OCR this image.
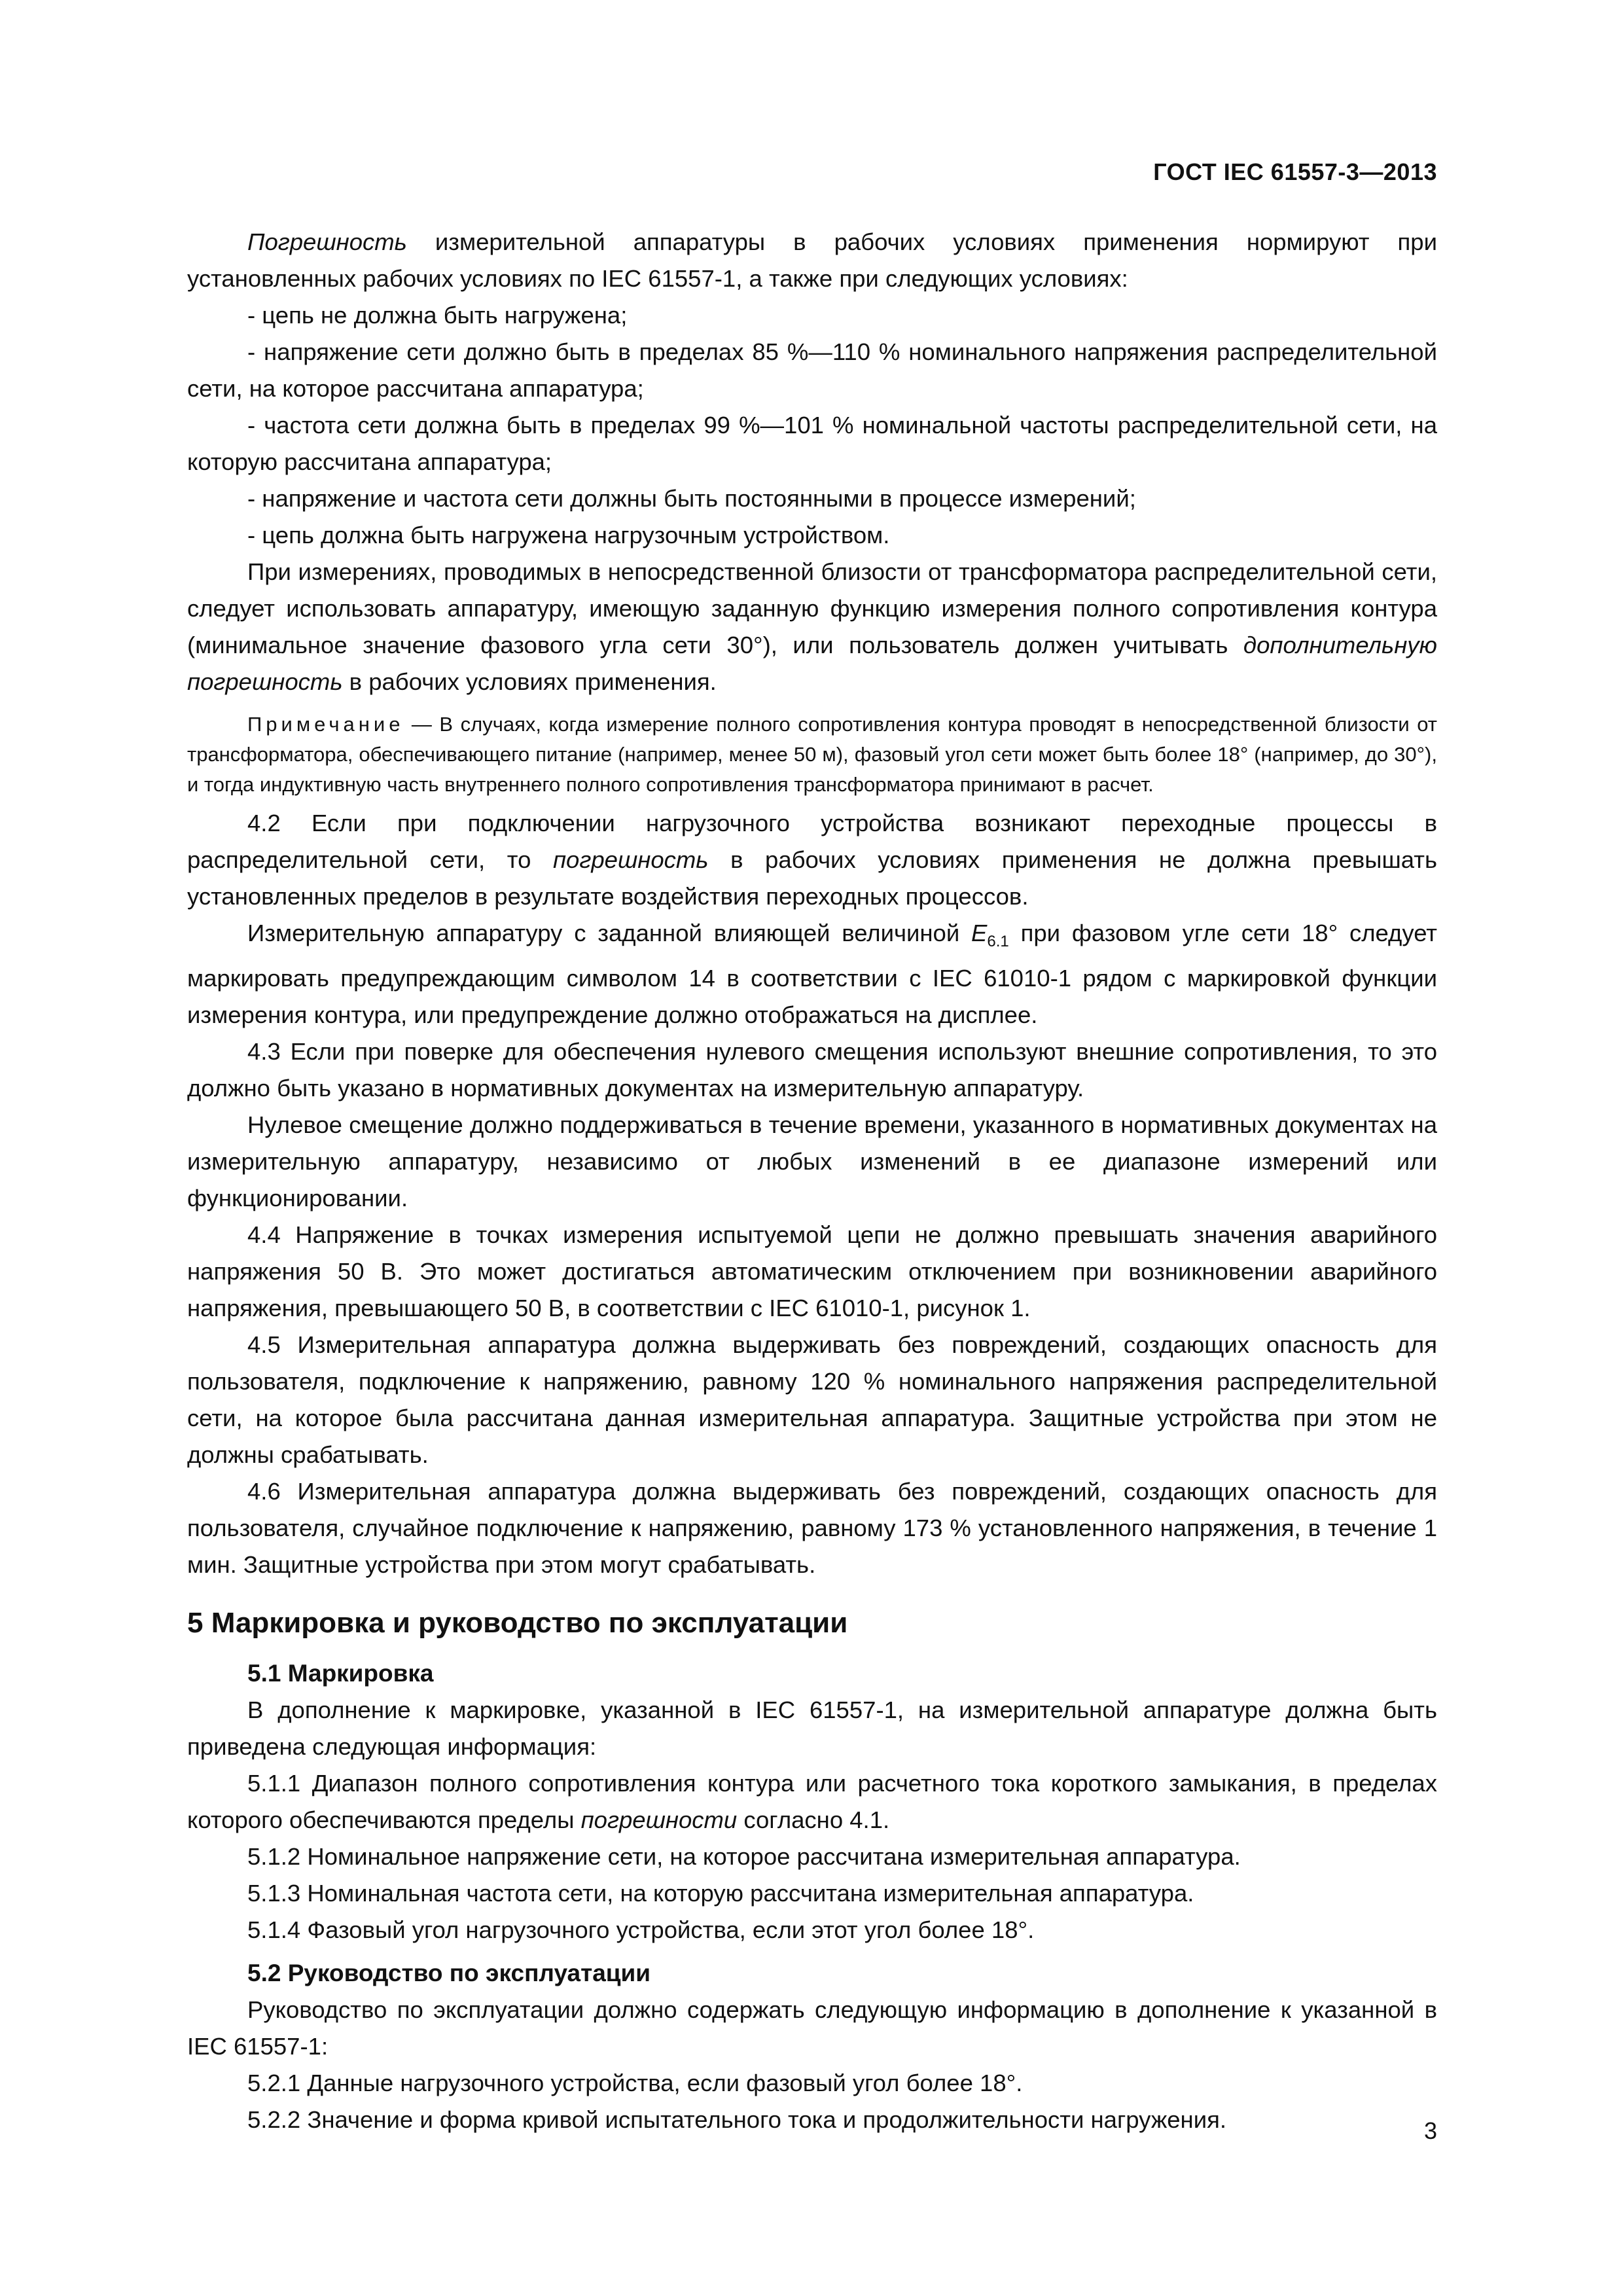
ГОСТ IEC 61557-3—2013

Погрешность измерительной аппаратуры в рабочих условиях применения нормируют при установленных рабочих условиях по IEC 61557-1, а также при следующих условиях:

- цепь не должна быть нагружена;

- напряжение сети должно быть в пределах 85 %—110 % номинального напряжения распределительной сети, на которое рассчитана аппаратура;

- частота сети должна быть в пределах 99 %—101 % номинальной частоты распределительной сети, на которую рассчитана аппаратура;

- напряжение и частота сети должны быть постоянными в процессе измерений;

- цепь должна быть нагружена нагрузочным устройством.

При измерениях, проводимых в непосредственной близости от трансформатора распределительной сети, следует использовать аппаратуру, имеющую заданную функцию измерения полного сопротивления контура (минимальное значение фазового угла сети 30°), или пользователь должен учитывать дополнительную погрешность в рабочих условиях применения.

Примечание — В случаях, когда измерение полного сопротивления контура проводят в непосредственной близости от трансформатора, обеспечивающего питание (например, менее 50 м), фазовый угол сети может быть более 18° (например, до 30°), и тогда индуктивную часть внутреннего полного сопротивления трансформатора принимают в расчет.

4.2 Если при подключении нагрузочного устройства возникают переходные процессы в распределительной сети, то погрешность в рабочих условиях применения не должна превышать установленных пределов в результате воздействия переходных процессов.

Измерительную аппаратуру с заданной влияющей величиной $E_{6.1}$ при фазовом угле сети 18° следует маркировать предупреждающим символом 14 в соответствии с IEC 61010-1 рядом с маркировкой функции измерения контура, или предупреждение должно отображаться на дисплее.

4.3 Если при поверке для обеспечения нулевого смещения используют внешние сопротивления, то это должно быть указано в нормативных документах на измерительную аппаратуру.

Нулевое смещение должно поддерживаться в течение времени, указанного в нормативных документах на измерительную аппаратуру, независимо от любых изменений в ее диапазоне измерений или функционировании.

4.4 Напряжение в точках измерения испытуемой цепи не должно превышать значения аварийного напряжения 50 В. Это может достигаться автоматическим отключением при возникновении аварийного напряжения, превышающего 50 В, в соответствии с IEC 61010-1, рисунок 1.

4.5 Измерительная аппаратура должна выдерживать без повреждений, создающих опасность для пользователя, подключение к напряжению, равному 120 % номинального напряжения распределительной сети, на которое была рассчитана данная измерительная аппаратура. Защитные устройства при этом не должны срабатывать.

4.6 Измерительная аппаратура должна выдерживать без повреждений, создающих опасность для пользователя, случайное подключение к напряжению, равному 173 % установленного напряжения, в течение 1 мин. Защитные устройства при этом могут срабатывать.

5 Маркировка и руководство по эксплуатации
5.1 Маркировка

В дополнение к маркировке, указанной в IEC 61557-1, на измерительной аппаратуре должна быть приведена следующая информация:

5.1.1 Диапазон полного сопротивления контура или расчетного тока короткого замыкания, в пределах которого обеспечиваются пределы погрешности согласно 4.1.

5.1.2 Номинальное напряжение сети, на которое рассчитана измерительная аппаратура.

5.1.3 Номинальная частота сети, на которую рассчитана измерительная аппаратура.

5.1.4 Фазовый угол нагрузочного устройства, если этот угол более 18°.

5.2 Руководство по эксплуатации

Руководство по эксплуатации должно содержать следующую информацию в дополнение к указанной в IEC 61557-1:

5.2.1 Данные нагрузочного устройства, если фазовый угол более 18°.

5.2.2 Значение и форма кривой испытательного тока и продолжительности нагружения.	3
